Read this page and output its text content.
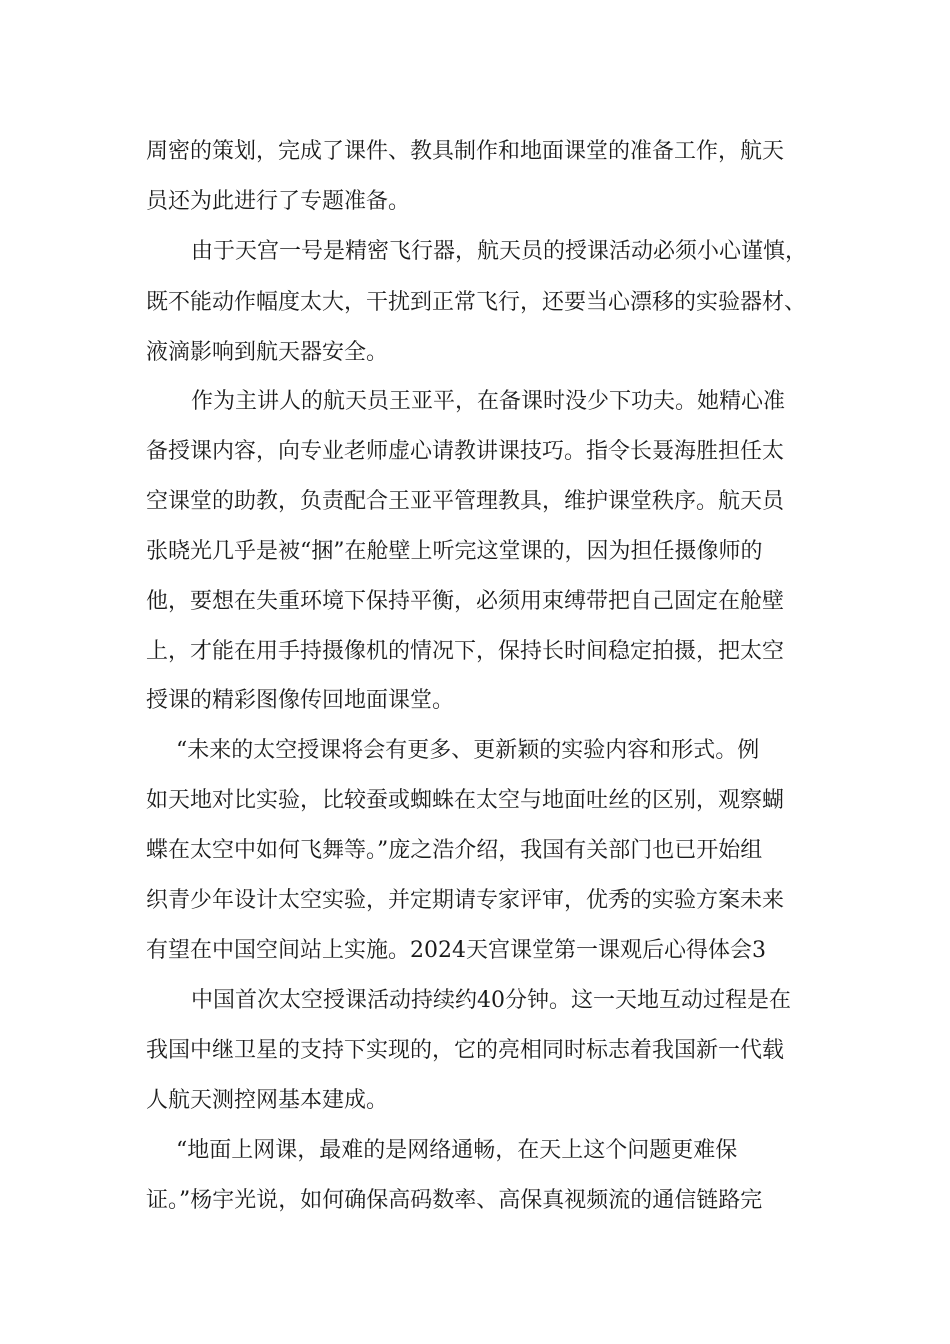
周密的策划，完成了课件、教具制作和地面课堂的准备工作，航天
员还为此进行了专题准备。
由于天宫一号是精密飞行器，航天员的授课活动必须小心谨慎，
既不能动作幅度太大，干扰到正常飞行，还要当心漂移的实验器材、
液滴影响到航天器安全。
作为主讲人的航天员王亚平，在备课时没少下功夫。她精心准
备授课内容，向专业老师虚心请教讲课技巧。指令长聂海胜担任太
空课堂的助教，负责配合王亚平管理教具，维护课堂秩序。航天员
张晓光几乎是被“捆”在舱壁上听完这堂课的，因为担任摄像师的
他，要想在失重环境下保持平衡，必须用束缚带把自己固定在舱壁
上，才能在用手持摄像机的情况下，保持长时间稳定拍摄，把太空
授课的精彩图像传回地面课堂。
“未来的太空授课将会有更多、更新颖的实验内容和形式。例
如天地对比实验，比较蚕或蜘蛛在太空与地面吐丝的区别，观察蝴
蝶在太空中如何飞舞等。”庞之浩介绍，我国有关部门也已开始组
织青少年设计太空实验，并定期请专家评审，优秀的实验方案未来
有望在中国空间站上实施。2024天宫课堂第一课观后心得体会3
中国首次太空授课活动持续约40分钟。这一天地互动过程是在
我国中继卫星的支持下实现的，它的亮相同时标志着我国新一代载
人航天测控网基本建成。
“地面上网课，最难的是网络通畅，在天上这个问题更难保
证。”杨宇光说，如何确保高码数率、高保真视频流的通信链路完
